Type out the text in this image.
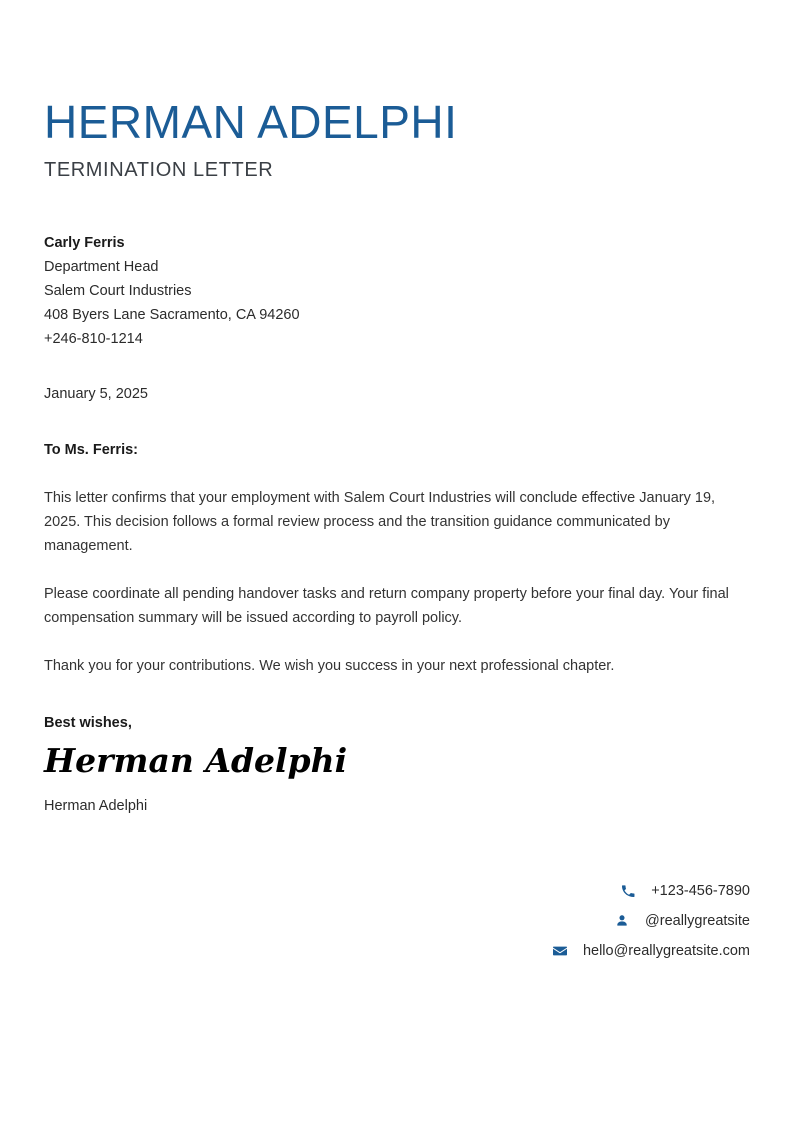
HERMAN ADELPHI
TERMINATION LETTER
Carly Ferris
Department Head
Salem Court Industries
408 Byers Lane Sacramento, CA 94260
+246-810-1214
January 5, 2025
To Ms. Ferris:

This letter confirms that your employment with Salem Court Industries will conclude effective January 19, 2025. This decision follows a formal review process and the transition guidance communicated by management.

Please coordinate all pending handover tasks and return company property before your final day. Your final compensation summary will be issued according to payroll policy.

Thank you for your contributions. We wish you success in your next professional chapter.

Best wishes,
Herman Adelphi
Herman Adelphi
+123-456-7890
@reallygreatsite
hello@reallygreatsite.com
